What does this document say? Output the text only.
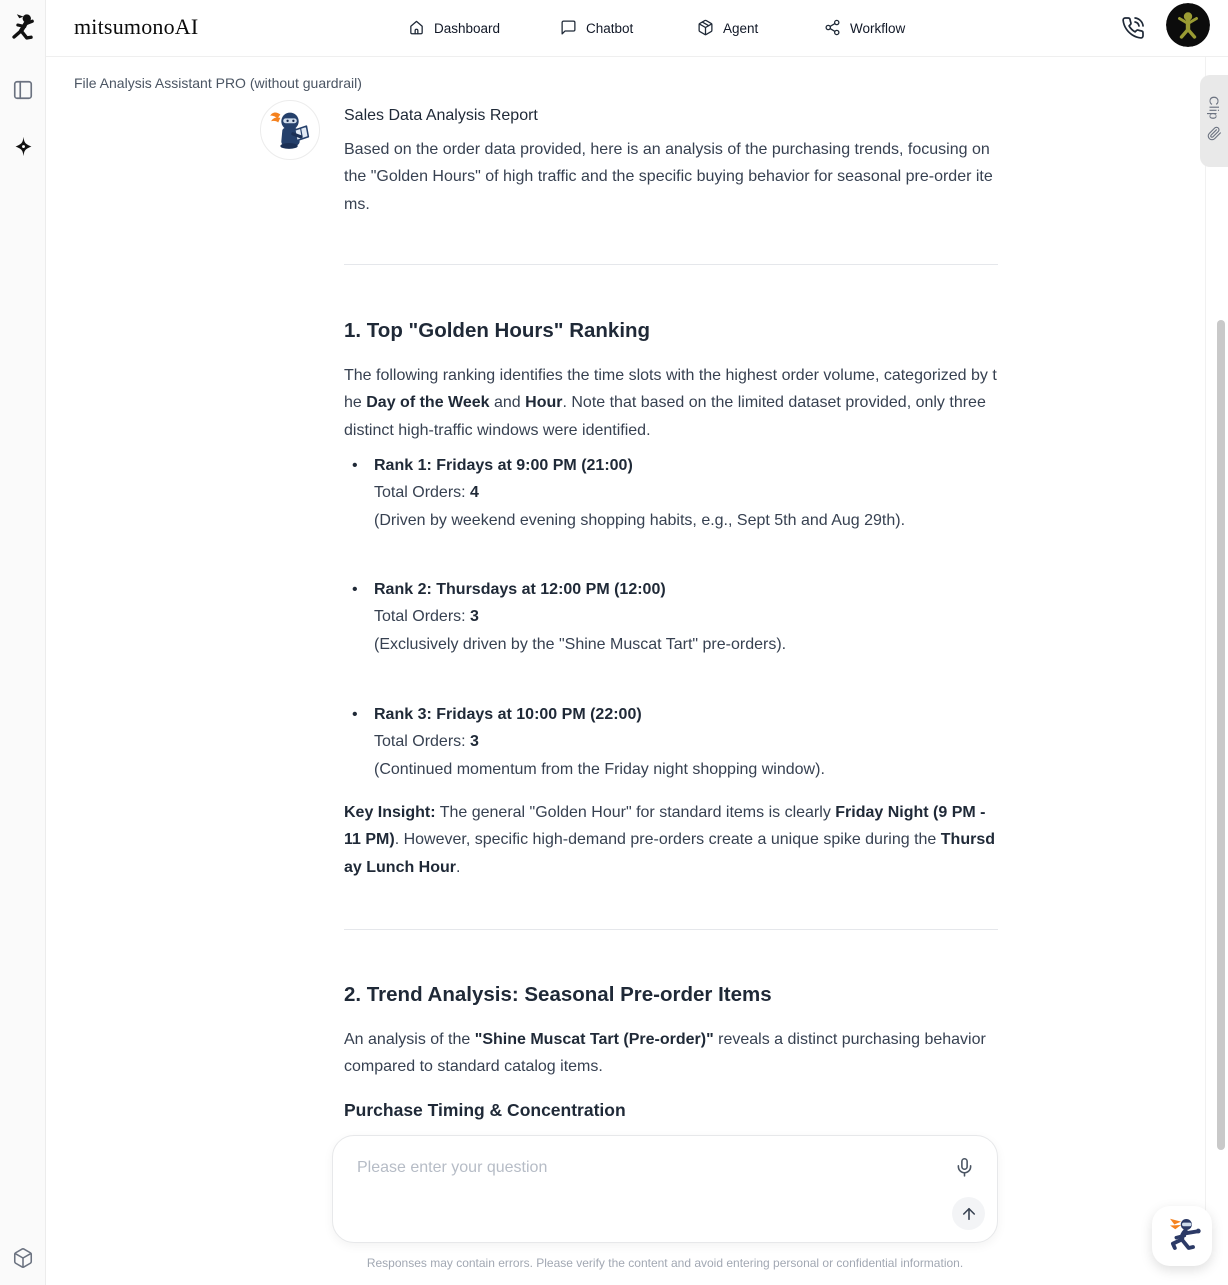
mitsumonoAI	Dashboard	Chatbot	Agent	Workflow
File Analysis Assistant PRO (without guardrail)
Sales Data Analysis Report
Based on the order data provided, here is an analysis of the purchasing trends, focusing on the "Golden Hours" of high traffic and the specific buying behavior for seasonal pre-order items.
1. Top "Golden Hours" Ranking
The following ranking identifies the time slots with the highest order volume, categorized by the Day of the Week and Hour. Note that based on the limited dataset provided, only three distinct high-traffic windows were identified.
• Rank 1: Fridays at 9:00 PM (21:00)
Total Orders: 4
(Driven by weekend evening shopping habits, e.g., Sept 5th and Aug 29th).
• Rank 2: Thursdays at 12:00 PM (12:00)
Total Orders: 3
(Exclusively driven by the "Shine Muscat Tart" pre-orders).
• Rank 3: Fridays at 10:00 PM (22:00)
Total Orders: 3
(Continued momentum from the Friday night shopping window).
Key Insight: The general "Golden Hour" for standard items is clearly Friday Night (9 PM - 11 PM). However, specific high-demand pre-orders create a unique spike during the Thursday Lunch Hour.
2. Trend Analysis: Seasonal Pre-order Items
An analysis of the "Shine Muscat Tart (Pre-order)" reveals a distinct purchasing behavior compared to standard catalog items.
Purchase Timing & Concentration
Please enter your question
Responses may contain errors. Please verify the content and avoid entering personal or confidential information.
Clip
